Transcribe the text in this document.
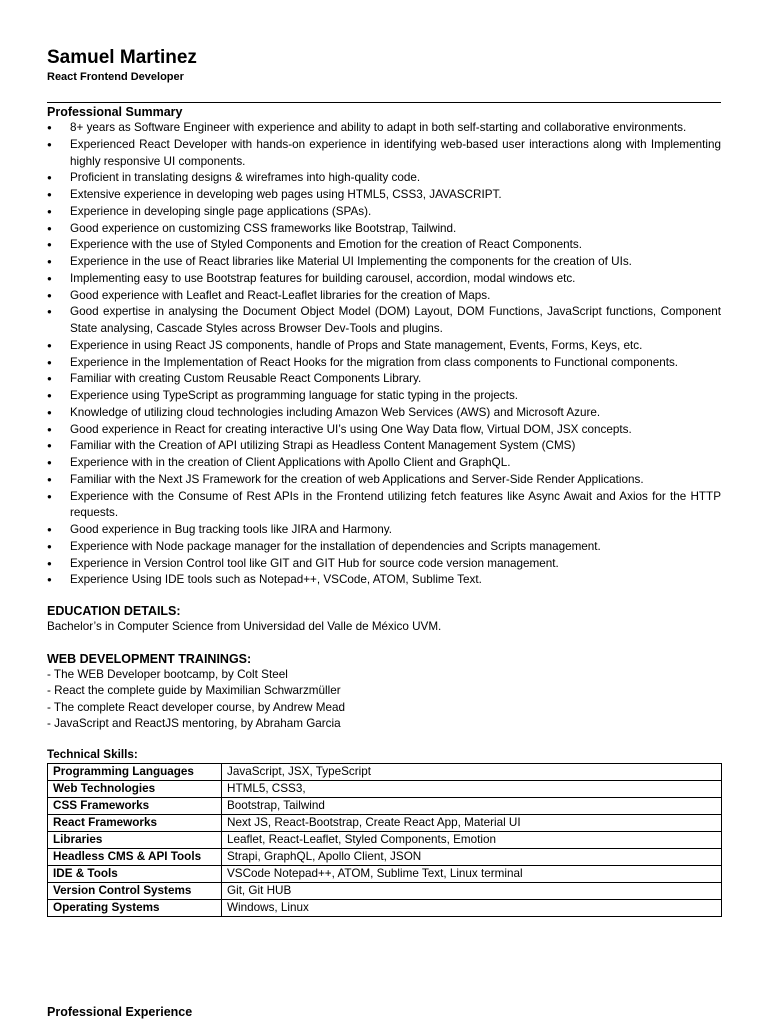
Samuel Martinez
React Frontend Developer
Professional Summary
● 8+ years as Software Engineer with experience and ability to adapt in both self-starting and collaborative environments.
● Experienced React Developer with hands-on experience in identifying web-based user interactions along with Implementing highly responsive UI components.
● Proficient in translating designs & wireframes into high-quality code.
● Extensive experience in developing web pages using HTML5, CSS3, JAVASCRIPT.
● Experience in developing single page applications (SPAs).
● Good experience on customizing CSS frameworks like Bootstrap, Tailwind.
● Experience with the use of Styled Components and Emotion for the creation of React Components.
● Experience in the use of React libraries like Material UI Implementing the components for the creation of UIs.
● Implementing easy to use Bootstrap features for building carousel, accordion, modal windows etc.
● Good experience with Leaflet and React-Leaflet libraries for the creation of Maps.
● Good expertise in analysing the Document Object Model (DOM) Layout, DOM Functions, JavaScript functions, Component State analysing, Cascade Styles across Browser Dev-Tools and plugins.
● Experience in using React JS components, handle of Props and State management, Events, Forms, Keys, etc.
● Experience in the Implementation of React Hooks for the migration from class components to Functional components.
● Familiar with creating Custom Reusable React Components Library.
● Experience using TypeScript as programming language for static typing in the projects.
● Knowledge of utilizing cloud technologies including Amazon Web Services (AWS) and Microsoft Azure.
● Good experience in React for creating interactive UI’s using One Way Data flow, Virtual DOM, JSX concepts.
● Familiar with the Creation of API utilizing Strapi as Headless Content Management System (CMS)
● Experience with in the creation of Client Applications with Apollo Client and GraphQL.
● Familiar with the Next JS Framework for the creation of web Applications and Server-Side Render Applications.
● Experience with the Consume of Rest APIs in the Frontend utilizing fetch features like Async Await and Axios for the HTTP requests.
● Good experience in Bug tracking tools like JIRA and Harmony.
● Experience with Node package manager for the installation of dependencies and Scripts management.
● Experience in Version Control tool like GIT and GIT Hub for source code version management.
● Experience Using IDE tools such as Notepad++, VSCode, ATOM, Sublime Text.
EDUCATION DETAILS:
Bachelor’s in Computer Science from Universidad del Valle de México UVM.
WEB DEVELOPMENT TRAININGS:
- The WEB Developer bootcamp, by Colt Steel
- React the complete guide by Maximilian Schwarzmüller
- The complete React developer course, by Andrew Mead
- JavaScript and ReactJS mentoring, by Abraham Garcia
Technical Skills:
Programming Languages	JavaScript, JSX, TypeScript
Web Technologies	HTML5, CSS3,
CSS Frameworks	Bootstrap, Tailwind
React Frameworks	Next JS, React-Bootstrap, Create React App, Material UI
Libraries	Leaflet, React-Leaflet, Styled Components, Emotion
Headless CMS & API Tools	Strapi, GraphQL, Apollo Client, JSON
IDE & Tools	VSCode Notepad++, ATOM, Sublime Text, Linux terminal
Version Control Systems	Git, Git HUB
Operating Systems	Windows, Linux
Professional Experience
